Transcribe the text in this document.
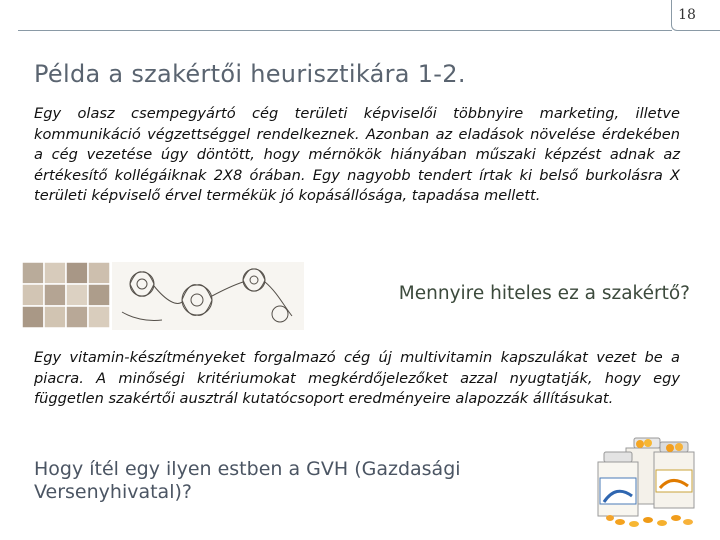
18
Példa a szakértői heurisztikára 1-2.
Egy olasz csempegyártó cég területi képviselői többnyire marketing, illetve kommunikáció végzettséggel rendelkeznek. Azonban az eladások növelése érdekében a cég vezetése úgy döntött, hogy mérnökök hiányában műszaki képzést adnak az értékesítő kollégáiknak 2X8 órában. Egy nagyobb tendert írtak ki belső burkolásra X területi képviselő érvel termékük jó kopásállósága, tapadása mellett.
Mennyire hiteles ez a szakértő?
Egy vitamin-készítményeket forgalmazó cég új multivitamin kapszulákat vezet be a piacra. A minőségi kritériumokat megkérdőjelezőket azzal nyugtatják, hogy egy független szakértői ausztrál kutatócsoport eredményeire alapozzák állításukat.
Hogy ítél egy ilyen estben a GVH (Gazdasági Versenyhivatal)?
